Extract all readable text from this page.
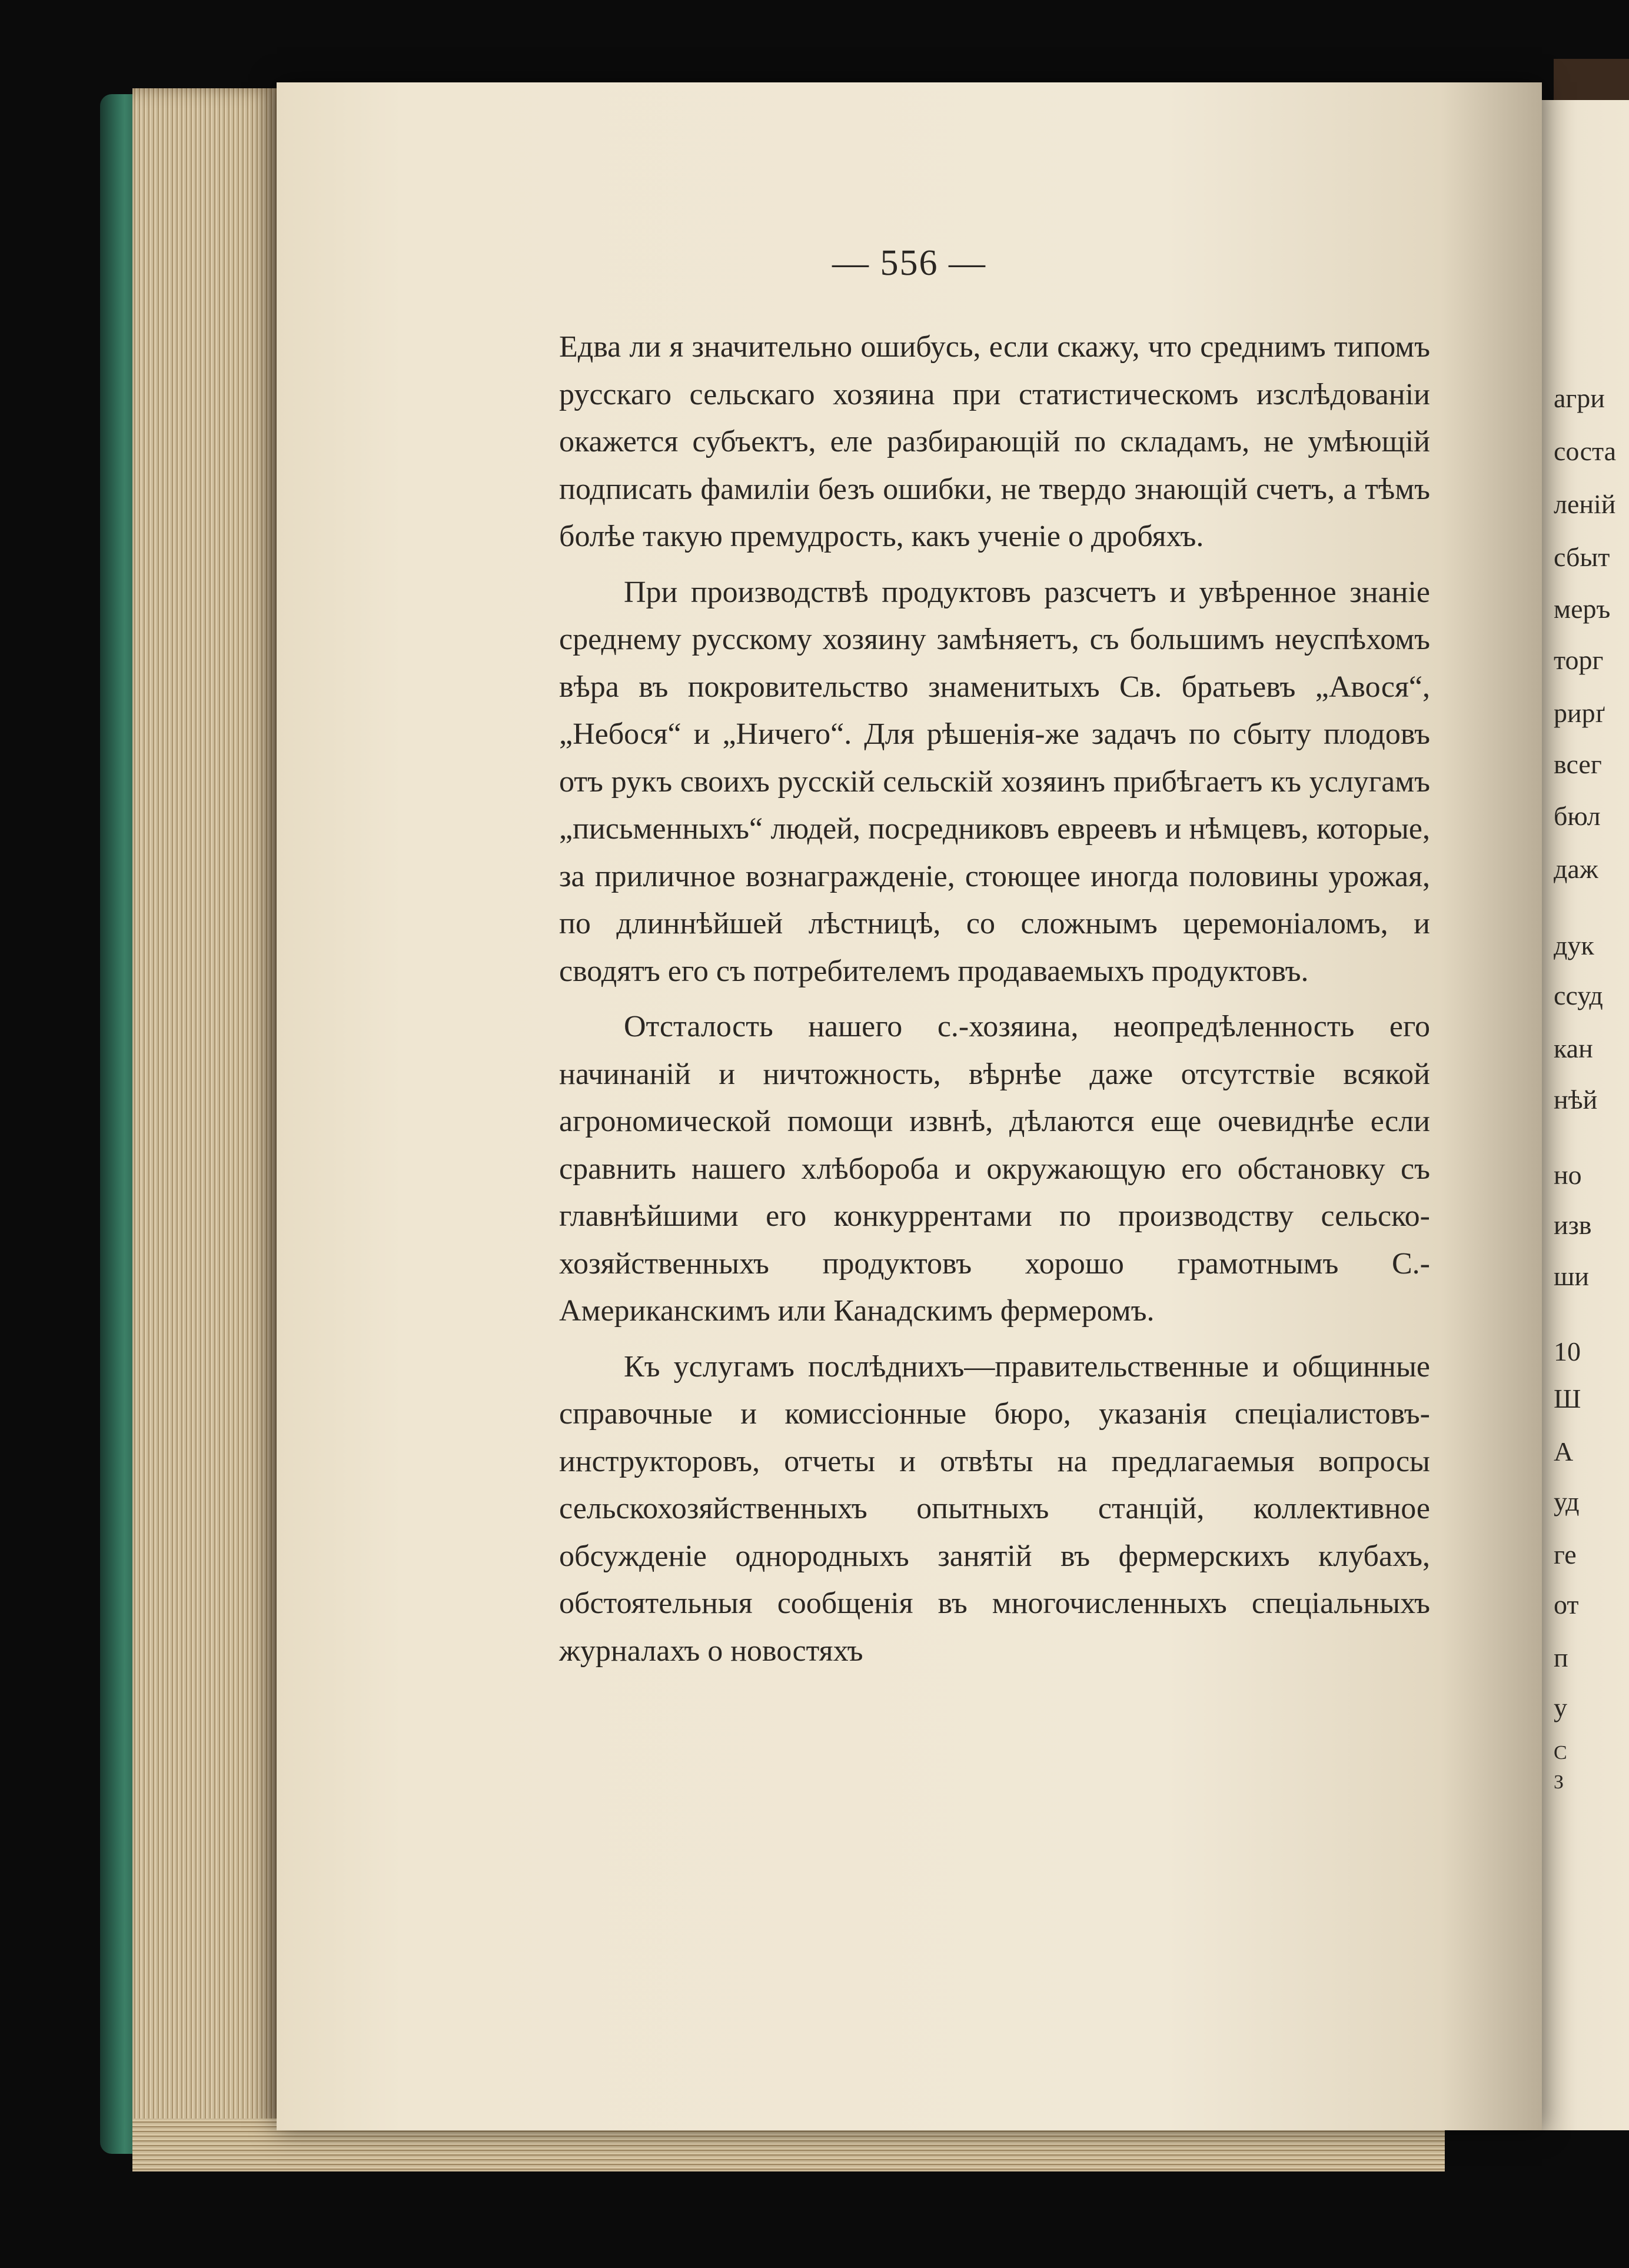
агри
соста
леній
сбыт
меръ
торг
рирґ
всег
бюл
даж
дук
ссуд
кан
нѣй
но
изв
ши
10
Ш
А
уд
ге
от
п
у
С
З
— 556 —

Едва ли я значительно ошибусь, если скажу, что среднимъ типомъ русскаго сельскаго хозяина при статистическомъ изслѣдованіи окажется субъектъ, еле разбирающій по складамъ, не умѣющій подписать фамиліи безъ ошибки, не твердо знающій счетъ, а тѣмъ болѣе такую премудрость, какъ ученіе о дробяхъ.

При производствѣ продуктовъ разсчетъ и увѣренное знаніе среднему русскому хозяину замѣняетъ, съ большимъ неуспѣхомъ вѣра въ покровительство знаменитыхъ Св. братьевъ „Авося“, „Небося“ и „Ничего“. Для рѣшенія-же задачъ по сбыту плодовъ отъ рукъ своихъ русскій сельскій хозяинъ прибѣгаетъ къ услугамъ „письменныхъ“ людей, посредниковъ евреевъ и нѣмцевъ, которые, за приличное вознагражденіе, стоющее иногда половины урожая, по длиннѣйшей лѣстницѣ, со сложнымъ церемоніаломъ, и сводятъ его съ потребителемъ продаваемыхъ продуктовъ.

Отсталость нашего с.-хозяина, неопредѣленность его начинаній и ничтожность, вѣрнѣе даже отсутствіе всякой агрономической помощи извнѣ, дѣлаются еще очевиднѣе если сравнить нашего хлѣбороба и окружающую его обстановку съ главнѣйшими его конкуррентами по производству сельско-хозяйственныхъ продуктовъ хорошо грамотнымъ С.-Американскимъ или Канадскимъ фермеромъ.

Къ услугамъ послѣднихъ—правительственные и общинные справочные и комиссіонные бюро, указанія спеціалистовъ-инструкторовъ, отчеты и отвѣты на предлагаемыя вопросы сельскохозяйственныхъ опытныхъ станцій, коллективное обсужденіе однородныхъ занятій въ фермерскихъ клубахъ, обстоятельныя сообщенія въ многочисленныхъ спеціальныхъ журналахъ о новостяхъ
